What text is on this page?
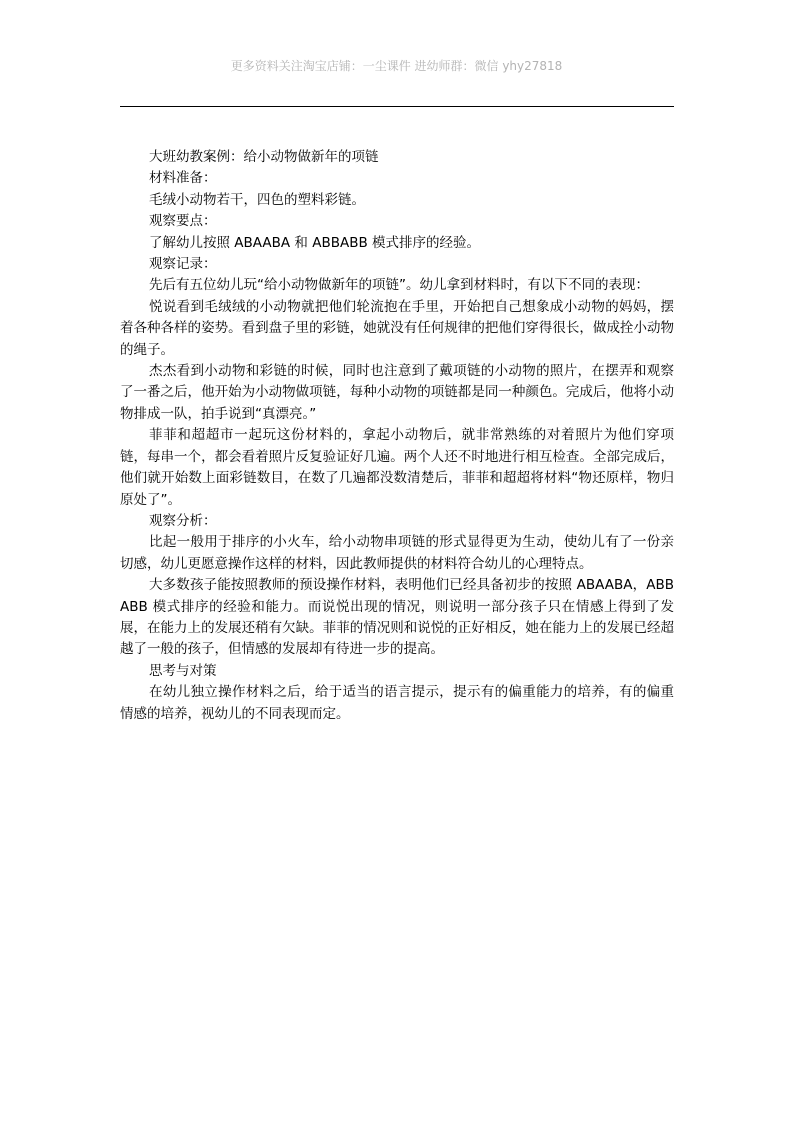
更多资料关注淘宝店铺：一尘课件 进幼师群：微信 yhy27818

大班幼教案例：给小动物做新年的项链

材料准备：

毛绒小动物若干，四色的塑料彩链。

观察要点：

了解幼儿按照 ABAABA 和 ABBABB 模式排序的经验。

观察记录：

先后有五位幼儿玩“给小动物做新年的项链”。幼儿拿到材料时，有以下不同的表现：

悦说看到毛绒绒的小动物就把他们轮流抱在手里，开始把自己想象成小动物的妈妈，摆着各种各样的姿势。看到盘子里的彩链，她就没有任何规律的把他们穿得很长，做成拴小动物的绳子。

杰杰看到小动物和彩链的时候，同时也注意到了戴项链的小动物的照片，在摆弄和观察了一番之后，他开始为小动物做项链，每种小动物的项链都是同一种颜色。完成后，他将小动物排成一队，拍手说到“真漂亮。”

菲菲和超超市一起玩这份材料的，拿起小动物后，就非常熟练的对着照片为他们穿项链，每串一个，都会看着照片反复验证好几遍。两个人还不时地进行相互检查。全部完成后，他们就开始数上面彩链数目，在数了几遍都没数清楚后，菲菲和超超将材料“物还原样，物归原处了”。

观察分析：

比起一般用于排序的小火车，给小动物串项链的形式显得更为生动，使幼儿有了一份亲切感，幼儿更愿意操作这样的材料，因此教师提供的材料符合幼儿的心理特点。

大多数孩子能按照教师的预设操作材料，表明他们已经具备初步的按照 ABAABA，ABBABB 模式排序的经验和能力。而说悦出现的情况，则说明一部分孩子只在情感上得到了发展，在能力上的发展还稍有欠缺。菲菲的情况则和说悦的正好相反，她在能力上的发展已经超越了一般的孩子，但情感的发展却有待进一步的提高。

思考与对策

在幼儿独立操作材料之后，给于适当的语言提示，提示有的偏重能力的培养，有的偏重情感的培养，视幼儿的不同表现而定。
